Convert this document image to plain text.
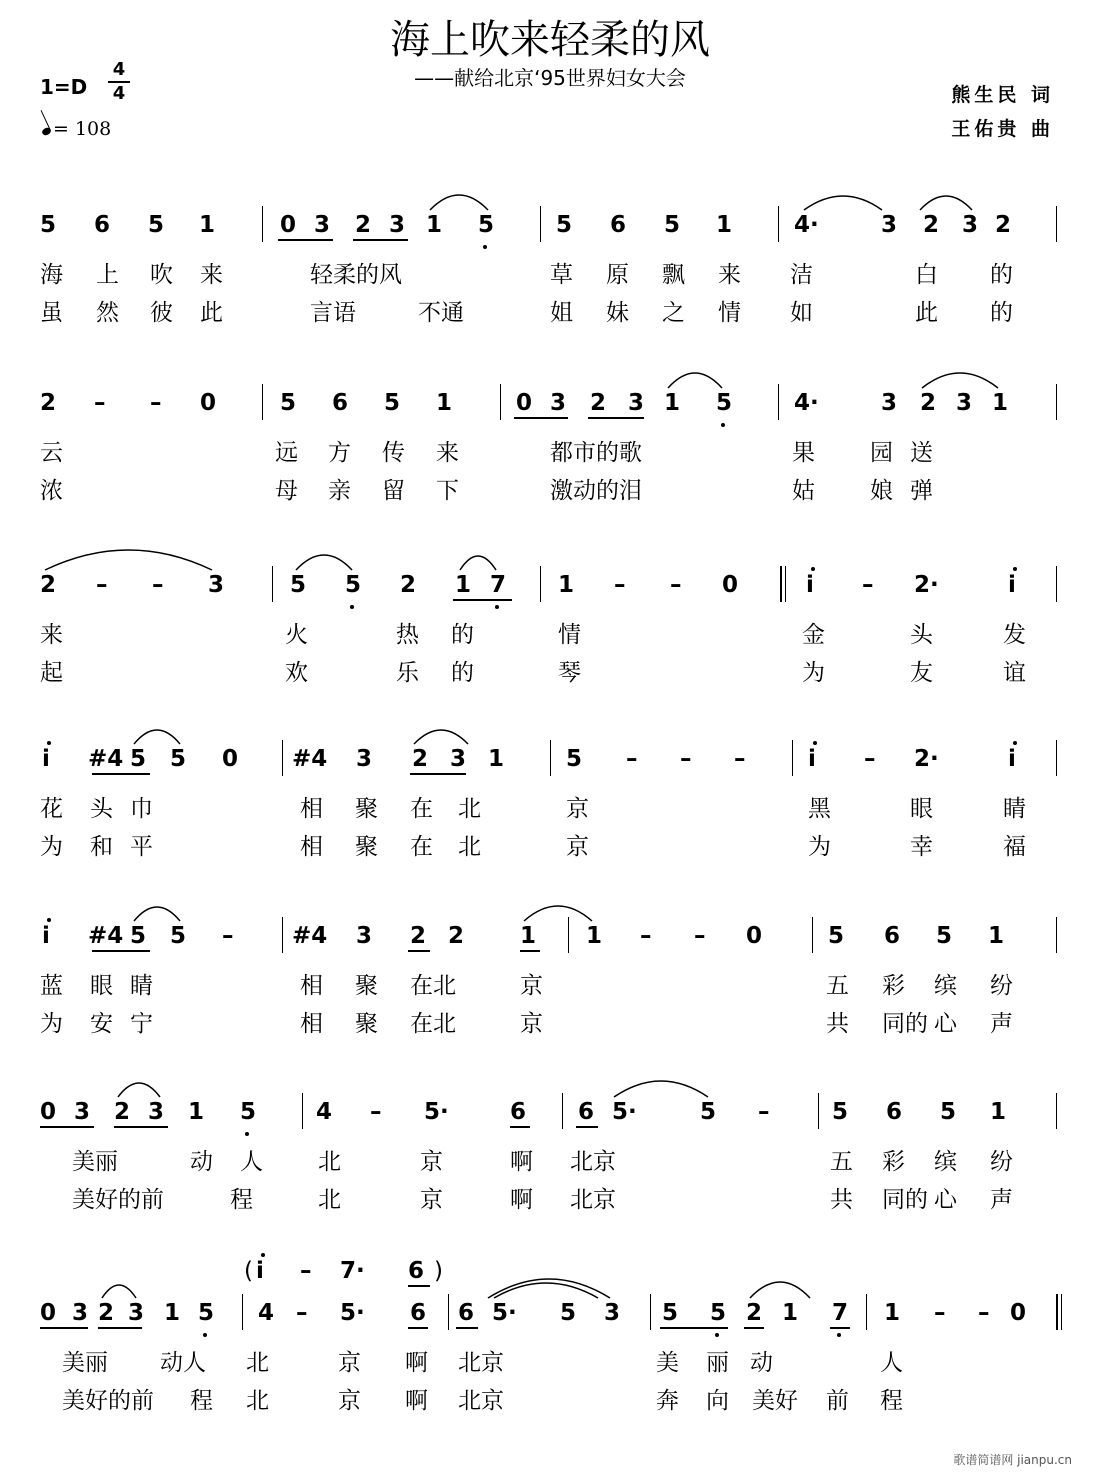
海上吹来轻柔的风
——献给北京‘95世界妇女大会
1=D
4
4
= 108
熊生民 词
王佑贵 曲
5 6 5 1	0 3 2 3 1 5	5 6 5 1	4·	3 2 3 2
海 上 吹 来	轻柔的风	草 原 飘 来 洁	白 的
虽 然 彼 此	言语	不通	姐 妹 之 情 如	此 的
2 – – 0	5 6 5 1	0 3 2 3 1 5	4·	3 2 3 1
云	远 方 传 来	都市的歌	果 园 送
浓	母 亲 留 下	激动的泪	姑 娘 弹
2 – – 3	5 5 2 1 7 1 – – 0	i – 2·	i
来	火	热 的	情	金	头	发
起	欢	乐 的	琴	为	友	谊
i #4 5 5 0 #4 3 2 3 1	5 – – –	i – 2·	i
花 头 巾	相 聚 在 北	京	黑	眼	睛
为 和 平	相 聚 在 北	京	为	幸	福
i #4 5 5 –	#4 3 2 2 1 1 – – 0	5 6 5 1
蓝 眼 睛	相 聚 在北	京	五 彩 缤 纷
为 安 宁	相 聚 在北	京	共 同的 心 声
0 3 2 3 1 5	4 – 5·	6 6 5·	5 –	5 6 5 1
美丽	动 人 北	京	啊 北京	五 彩 缤 纷
美好的前	程	北	京	啊 北京	共 同的 心 声
0 3 2 3 1 5 4 – 5· 6 6 5· 5 3 5 5 2 1 7 1 – – 0
( i – 7· 6 )
美丽 动人 北	京 啊 北京	美 丽 动	人
美好的前 程 北	京 啊 北京	奔 向 美好 前 程
歌谱简谱网 jianpu.cn
